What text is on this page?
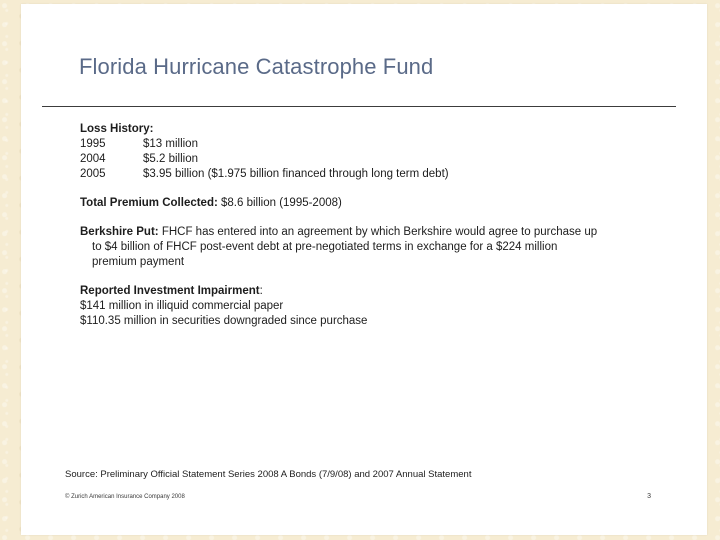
Florida Hurricane Catastrophe Fund
Loss History:
1995	$13 million
2004	$5.2 billion
2005	$3.95 billion ($1.975 billion financed through long term debt)
Total Premium Collected: $8.6 billion (1995-2008)
Berkshire Put: FHCF has entered into an agreement by which Berkshire would agree to purchase up
to $4 billion of FHCF post-event debt at pre-negotiated terms in exchange for a $224 million
premium payment
Reported Investment Impairment:
$141 million in illiquid commercial paper
$110.35 million in securities downgraded since purchase
Source: Preliminary Official Statement Series 2008 A Bonds (7/9/08) and 2007 Annual Statement
© Zurich American Insurance Company 2008	3
